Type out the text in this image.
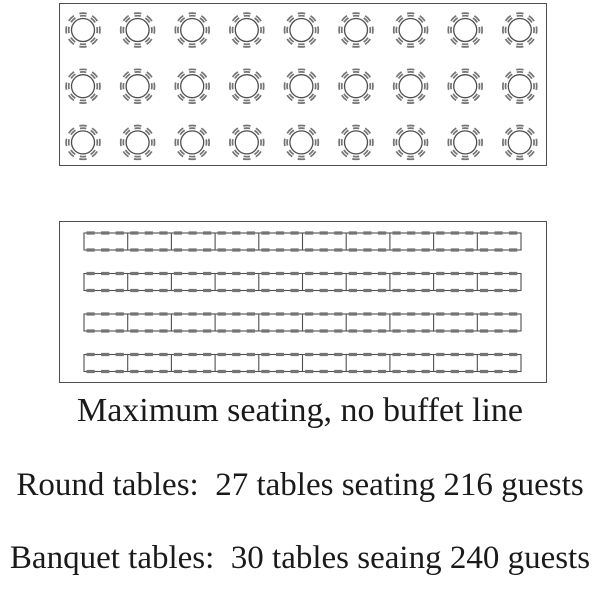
Maximum seating, no buffet line
Round tables:  27 tables seating 216 guests
Banquet tables:  30 tables seaing 240 guests
